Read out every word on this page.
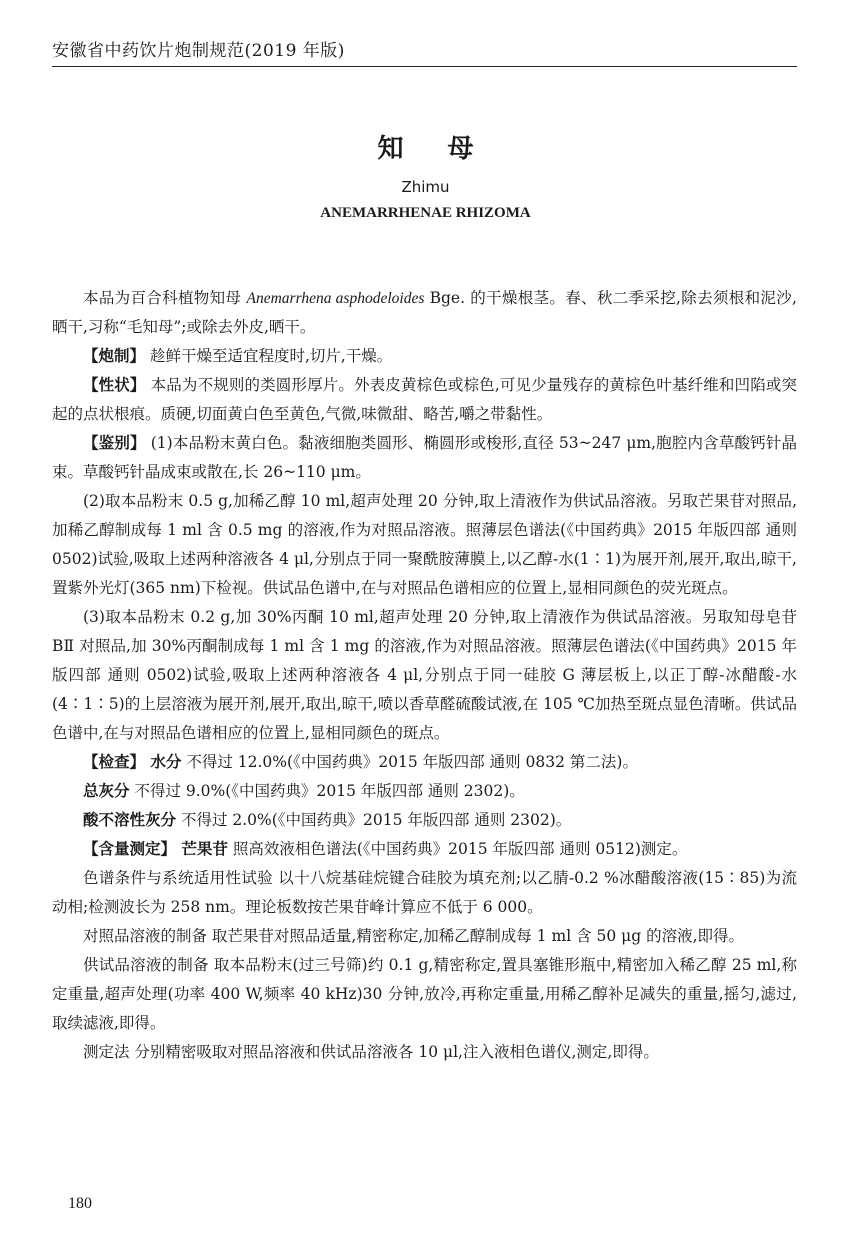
安徽省中药饮片炮制规范(2019 年版)
知 母
Zhimu
ANEMARRHENAE RHIZOMA

本品为百合科植物知母 Anemarrhena asphodeloides Bge. 的干燥根茎。春、秋二季采挖,除去须根和泥沙,晒干,习称“毛知母”;或除去外皮,晒干。

【炮制】 趁鲜干燥至适宜程度时,切片,干燥。

【性状】 本品为不规则的类圆形厚片。外表皮黄棕色或棕色,可见少量残存的黄棕色叶基纤维和凹陷或突起的点状根痕。质硬,切面黄白色至黄色,气微,味微甜、略苦,嚼之带黏性。

【鉴别】 (1)本品粉末黄白色。黏液细胞类圆形、椭圆形或梭形,直径 53~247 μm,胞腔内含草酸钙针晶束。草酸钙针晶成束或散在,长 26~110 μm。

(2)取本品粉末 0.5 g,加稀乙醇 10 ml,超声处理 20 分钟,取上清液作为供试品溶液。另取芒果苷对照品,加稀乙醇制成每 1 ml 含 0.5 mg 的溶液,作为对照品溶液。照薄层色谱法(《中国药典》2015 年版四部 通则 0502)试验,吸取上述两种溶液各 4 μl,分别点于同一聚酰胺薄膜上,以乙醇-水(1∶1)为展开剂,展开,取出,晾干,置紫外光灯(365 nm)下检视。供试品色谱中,在与对照品色谱相应的位置上,显相同颜色的荧光斑点。

(3)取本品粉末 0.2 g,加 30%丙酮 10 ml,超声处理 20 分钟,取上清液作为供试品溶液。另取知母皂苷 BⅡ 对照品,加 30%丙酮制成每 1 ml 含 1 mg 的溶液,作为对照品溶液。照薄层色谱法(《中国药典》2015 年版四部 通则 0502)试验,吸取上述两种溶液各 4 μl,分别点于同一硅胶 G 薄层板上,以正丁醇-冰醋酸-水(4∶1∶5)的上层溶液为展开剂,展开,取出,晾干,喷以香草醛硫酸试液,在 105 ℃加热至斑点显色清晰。供试品色谱中,在与对照品色谱相应的位置上,显相同颜色的斑点。

【检查】 水分 不得过 12.0%(《中国药典》2015 年版四部 通则 0832 第二法)。

总灰分 不得过 9.0%(《中国药典》2015 年版四部 通则 2302)。

酸不溶性灰分 不得过 2.0%(《中国药典》2015 年版四部 通则 2302)。

【含量测定】 芒果苷 照高效液相色谱法(《中国药典》2015 年版四部 通则 0512)测定。

色谱条件与系统适用性试验 以十八烷基硅烷键合硅胶为填充剂;以乙腈-0.2 %冰醋酸溶液(15∶85)为流动相;检测波长为 258 nm。理论板数按芒果苷峰计算应不低于 6 000。

对照品溶液的制备 取芒果苷对照品适量,精密称定,加稀乙醇制成每 1 ml 含 50 μg 的溶液,即得。

供试品溶液的制备 取本品粉末(过三号筛)约 0.1 g,精密称定,置具塞锥形瓶中,精密加入稀乙醇 25 ml,称定重量,超声处理(功率 400 W,频率 40 kHz)30 分钟,放冷,再称定重量,用稀乙醇补足减失的重量,摇匀,滤过,取续滤液,即得。

测定法 分别精密吸取对照品溶液和供试品溶液各 10 μl,注入液相色谱仪,测定,即得。

180
